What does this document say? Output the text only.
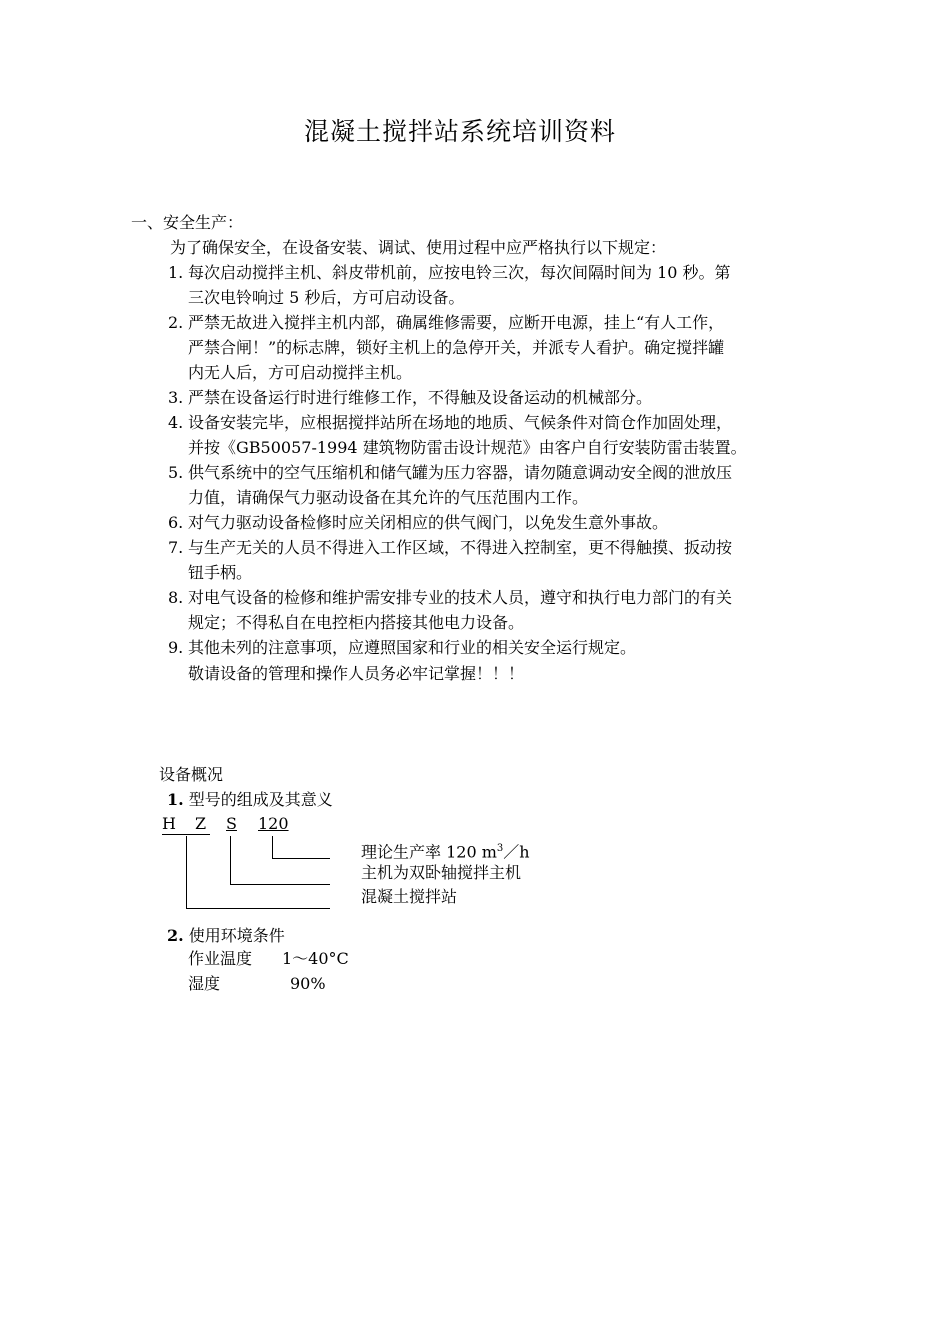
混凝土搅拌站系统培训资料
一、安全生产：
为了确保安全，在设备安装、调试、使用过程中应严格执行以下规定：
1. 每次启动搅拌主机、斜皮带机前，应按电铃三次，每次间隔时间为 10 秒。第
三次电铃响过 5 秒后，方可启动设备。
2. 严禁无故进入搅拌主机内部，确属维修需要，应断开电源，挂上“有人工作，
严禁合闸！”的标志牌，锁好主机上的急停开关，并派专人看护。确定搅拌罐
内无人后，方可启动搅拌主机。
3. 严禁在设备运行时进行维修工作，不得触及设备运动的机械部分。
4. 设备安装完毕，应根据搅拌站所在场地的地质、气候条件对筒仓作加固处理，
并按《GB50057-1994 建筑物防雷击设计规范》由客户自行安装防雷击装置。
5. 供气系统中的空气压缩机和储气罐为压力容器，请勿随意调动安全阀的泄放压
力值，请确保气力驱动设备在其允许的气压范围内工作。
6. 对气力驱动设备检修时应关闭相应的供气阀门，以免发生意外事故。
7. 与生产无关的人员不得进入工作区域，不得进入控制室，更不得触摸、扳动按
钮手柄。
8. 对电气设备的检修和维护需安排专业的技术人员，遵守和执行电力部门的有关
规定；不得私自在电控柜内搭接其他电力设备。
9. 其他未列的注意事项，应遵照国家和行业的相关安全运行规定。
敬请设备的管理和操作人员务必牢记掌握！！！
设备概况
1. 型号的组成及其意义
H Z S 120
理论生产率 120 $m^3/h$
主机为双卧轴搅拌主机
混凝土搅拌站
2. 使用环境条件
作业温度 1～40°C
湿度	90%
